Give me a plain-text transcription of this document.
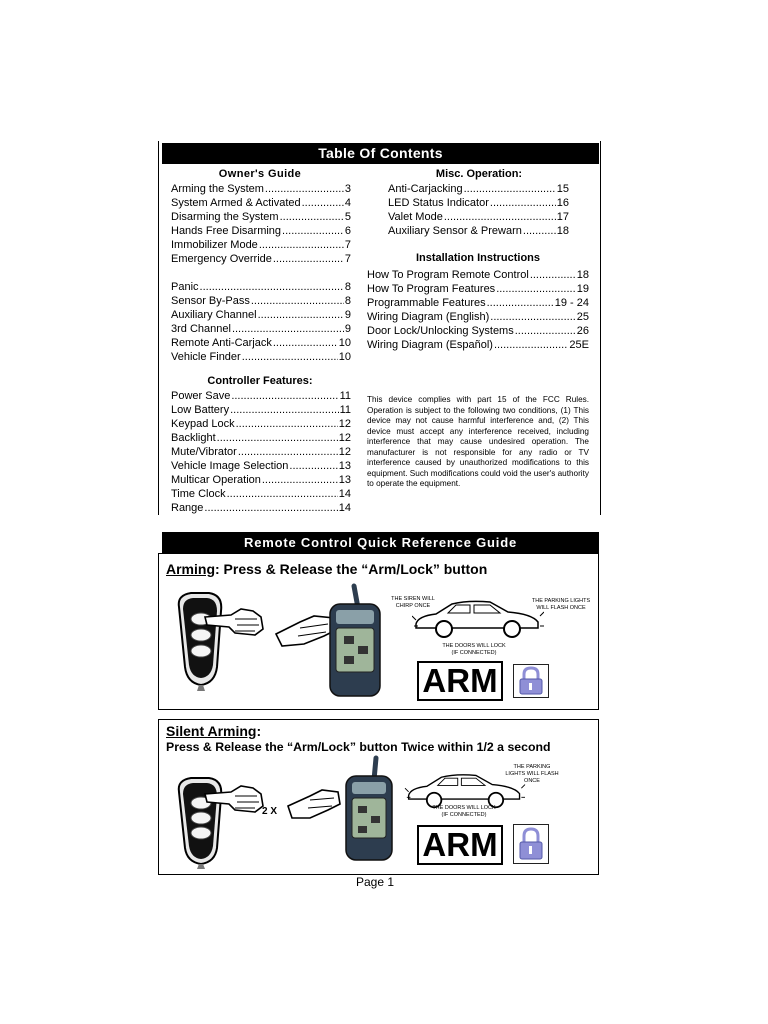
Table Of Contents
Owner's Guide
Arming the System .....	3
System Armed & Activated .....	4
Disarming the System .....	5
Hands Free Disarming .....	6
Immobilizer Mode .....	7
Emergency Override .....	7
Panic .....	8
Sensor By-Pass .....	8
Auxiliary Channel .....	9
3rd Channel .....	9
Remote Anti-Carjack .....	10
Vehicle Finder .....	10
Controller Features:
Power Save .....	11
Low Battery .....	11
Keypad Lock .....	12
Backlight .....	12
Mute/Vibrator .....	12
Vehicle Image Selection .....	13
Multicar Operation .....	13
Time Clock .....	14
Range .....	14
Misc. Operation:
Anti-Carjacking .....	15
LED Status Indicator .....	16
Valet Mode .....	17
Auxiliary Sensor & Prewarn .....	18
Installation Instructions
How To Program Remote Control .....	18
How To Program Features .....	19
Programmable Features .....	19 - 24
Wiring Diagram (English) .....	25
Door Lock/Unlocking Systems .....	26
Wiring Diagram (Español) .....	25E
This device complies with part 15 of the FCC Rules. Operation is subject to the following two conditions, (1) This device may not cause harmful interference and, (2) This device must accept any interference received, including interference that may cause undesired operation. The manufacturer is not responsible for any radio or TV interference caused by unauthorized modifications to this equipment. Such modifications could void the user's authority to operate the equipment.
Remote Control Quick Reference Guide
Arming: Press & Release the “Arm/Lock” button
THE SIREN WILL CHIRP ONCE
THE PARKING LIGHTS WILL FLASH ONCE
THE DOORS WILL LOCK (IF CONNECTED)
ARM
Silent Arming:
Press & Release the “Arm/Lock” button Twice within 1/2 a second
2 X
THE PARKING LIGHTS WILL FLASH ONCE
THE DOORS WILL LOCK (IF CONNECTED)
ARM
Page 1
